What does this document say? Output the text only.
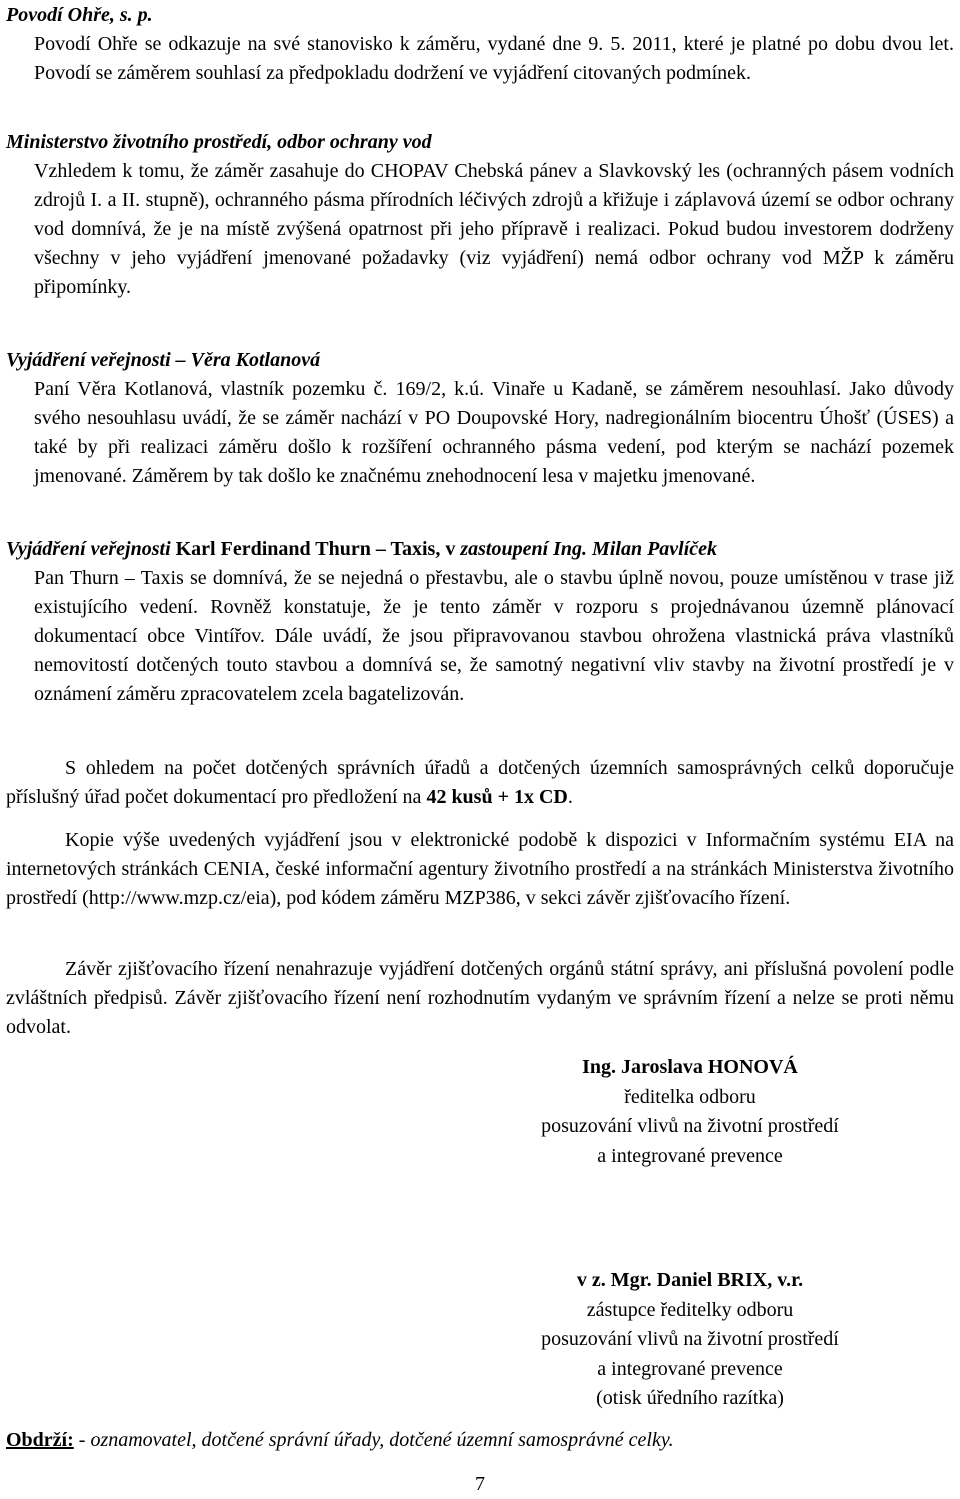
Povodí Ohře, s. p.

Povodí Ohře se odkazuje na své stanovisko k záměru, vydané dne 9. 5. 2011, které je platné po dobu dvou let. Povodí se záměrem souhlasí za předpokladu dodržení ve vyjádření citovaných podmínek.

Ministerstvo životního prostředí, odbor ochrany vod

Vzhledem k tomu, že záměr zasahuje do CHOPAV Chebská pánev a Slavkovský les (ochranných pásem vodních zdrojů I. a II. stupně), ochranného pásma přírodních léčivých zdrojů a křižuje i záplavová území se odbor ochrany vod domnívá, že je na místě zvýšená opatrnost při jeho přípravě i realizaci. Pokud budou investorem dodrženy všechny v jeho vyjádření jmenované požadavky (viz vyjádření) nemá odbor ochrany vod MŽP k záměru připomínky.

Vyjádření veřejnosti – Věra Kotlanová

Paní Věra Kotlanová, vlastník pozemku č. 169/2, k.ú. Vinaře u Kadaně, se záměrem nesouhlasí. Jako důvody svého nesouhlasu uvádí, že se záměr nachází v PO Doupovské Hory, nadregionálním biocentru Úhošť (ÚSES) a také by při realizaci záměru došlo k rozšíření ochranného pásma vedení, pod kterým se nachází pozemek jmenované. Záměrem by tak došlo ke značnému znehodnocení lesa v majetku jmenované.

Vyjádření veřejnosti Karl Ferdinand Thurn – Taxis, v zastoupení Ing. Milan Pavlíček

Pan Thurn – Taxis se domnívá, že se nejedná o přestavbu, ale o stavbu úplně novou, pouze umístěnou v trase již existujícího vedení. Rovněž konstatuje, že je tento záměr v rozporu s projednávanou územně plánovací dokumentací obce Vintířov. Dále uvádí, že jsou připravovanou stavbou ohrožena vlastnická práva vlastníků nemovitostí dotčených touto stavbou a domnívá se, že samotný negativní vliv stavby na životní prostředí je v oznámení záměru zpracovatelem zcela bagatelizován.

S ohledem na počet dotčených správních úřadů a dotčených územních samosprávných celků doporučuje příslušný úřad počet dokumentací pro předložení na 42 kusů + 1x CD.

Kopie výše uvedených vyjádření jsou v elektronické podobě k dispozici v Informačním systému EIA na internetových stránkách CENIA, české informační agentury životního prostředí a na stránkách Ministerstva životního prostředí (http://www.mzp.cz/eia), pod kódem záměru MZP386, v sekci závěr zjišťovacího řízení.

Závěr zjišťovacího řízení nenahrazuje vyjádření dotčených orgánů státní správy, ani příslušná povolení podle zvláštních předpisů. Závěr zjišťovacího řízení není rozhodnutím vydaným ve správním řízení a nelze se proti němu odvolat.

Ing. Jaroslava HONOVÁ
ředitelka odboru
posuzování vlivů na životní prostředí
a integrované prevence
v z. Mgr. Daniel BRIX, v.r.
zástupce ředitelky odboru
posuzování vlivů na životní prostředí
a integrované prevence
(otisk úředního razítka)
Obdrží: - oznamovatel, dotčené správní úřady, dotčené územní samosprávné celky.
7
